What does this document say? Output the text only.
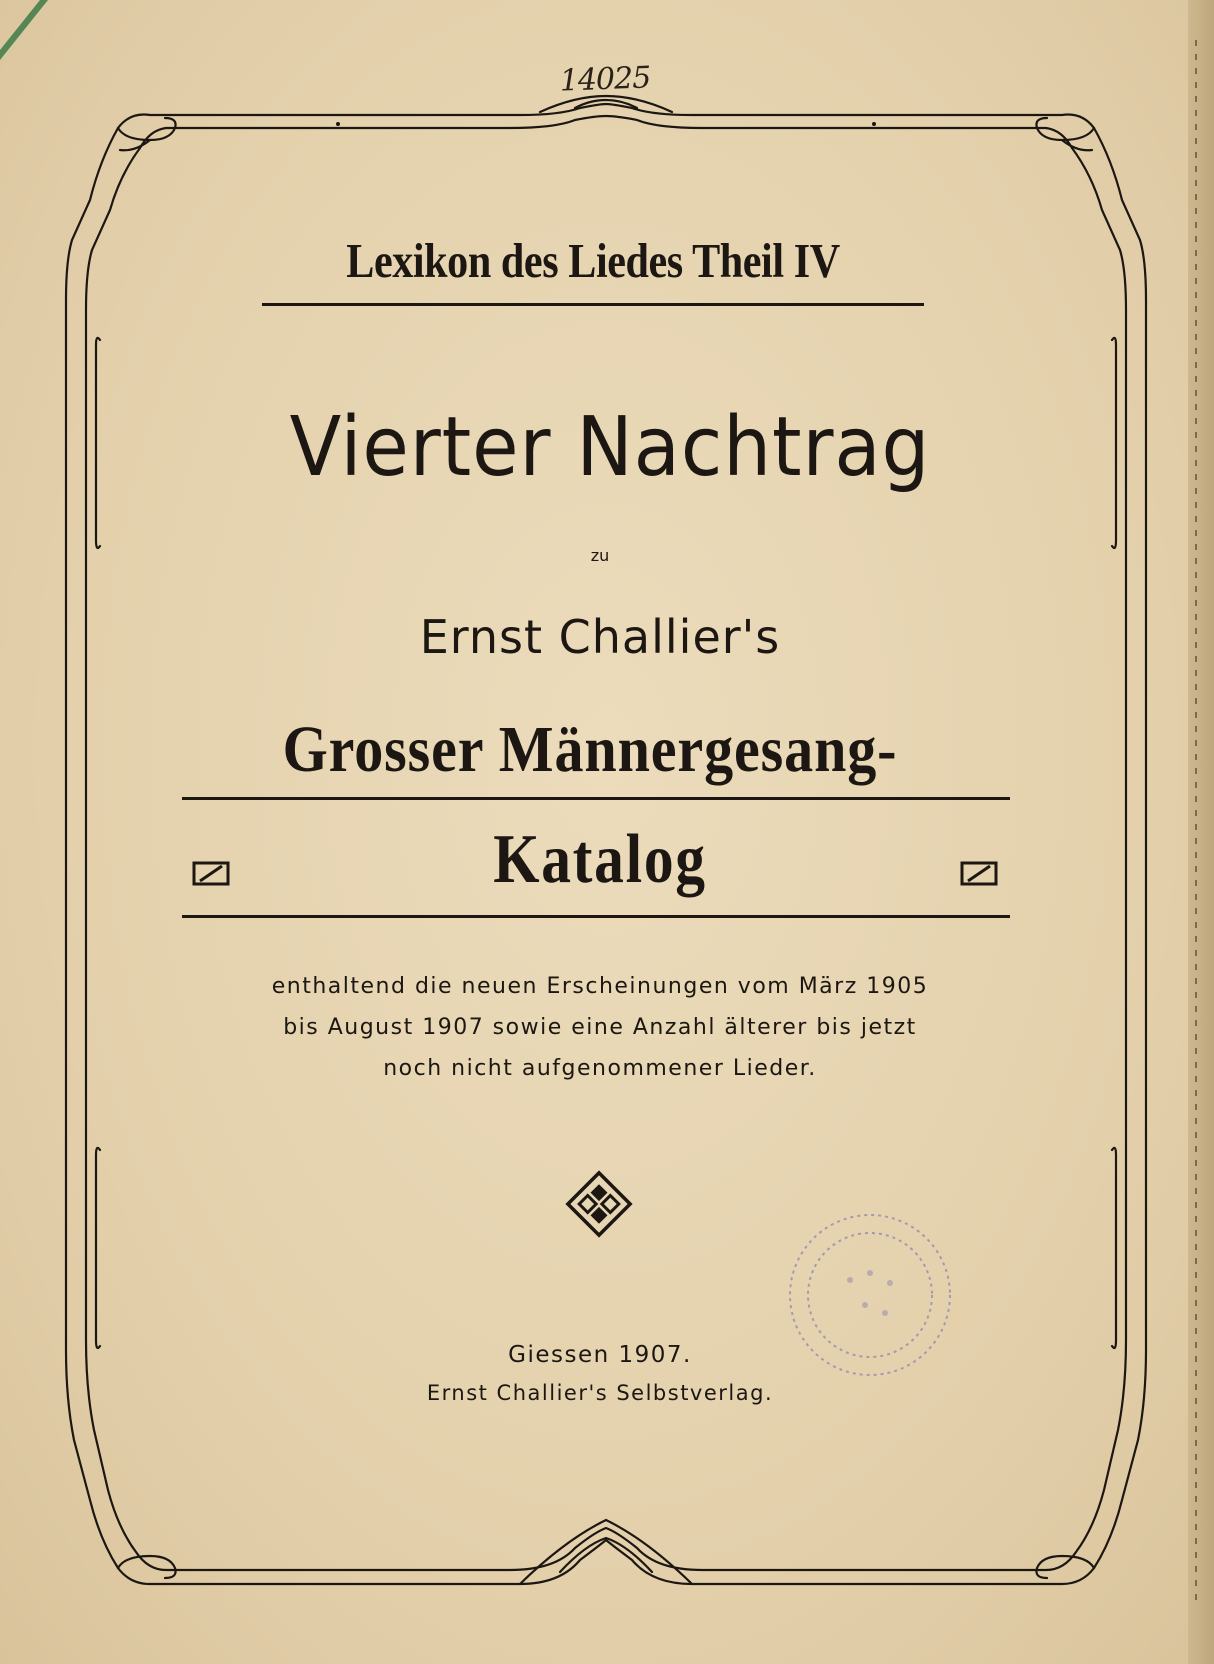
14025
Lexikon des Liedes Theil IV
Vierter Nachtrag
zu
Ernst Challier's
Grosser Männergesang-
Katalog
enthaltend die neuen Erscheinungen vom März 1905
bis August 1907 sowie eine Anzahl älterer bis jetzt
noch nicht aufgenommener Lieder.
Giessen 1907.
Ernst Challier's Selbstverlag.
